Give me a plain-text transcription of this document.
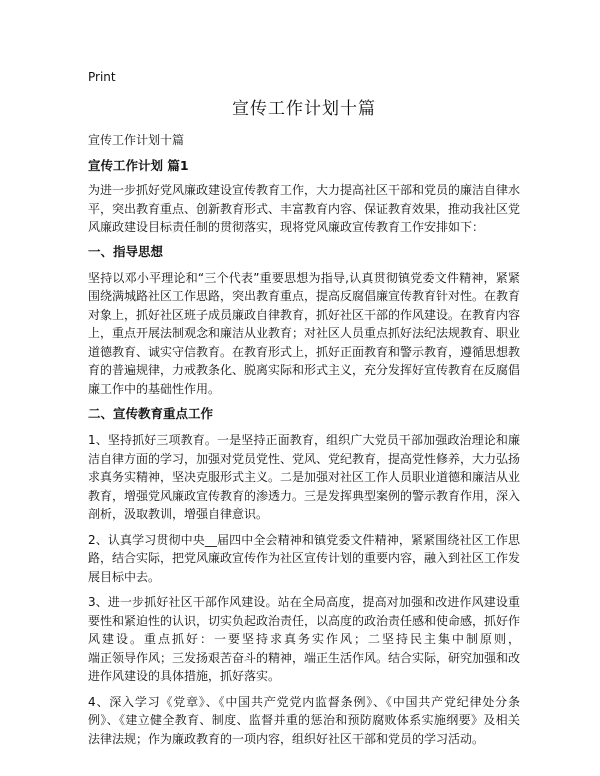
Print
宣传工作计划十篇
宣传工作计划十篇
宣传工作计划 篇1
为进一步抓好党风廉政建设宣传教育工作，大力提高社区干部和党员的廉洁自律水
平，突出教育重点、创新教育形式、丰富教育内容、保证教育效果，推动我社区党
风廉政建设目标责任制的贯彻落实，现将党风廉政宣传教育工作安排如下：
一、指导思想
坚持以邓小平理论和“三个代表”重要思想为指导,认真贯彻镇党委文件精神，紧紧
围绕满城路社区工作思路，突出教育重点，提高反腐倡廉宣传教育针对性。在教育
对象上，抓好社区班子成员廉政自律教育，抓好社区干部的作风建设。在教育内容
上，重点开展法制观念和廉洁从业教育；对社区人员重点抓好法纪法规教育、职业
道德教育、诚实守信教育。在教育形式上，抓好正面教育和警示教育，遵循思想教
育的普遍规律，力戒教条化、脱离实际和形式主义，充分发挥好宣传教育在反腐倡
廉工作中的基础性作用。
二、宣传教育重点工作
1、坚持抓好三项教育。一是坚持正面教育，组织广大党员干部加强政治理论和廉
洁自律方面的学习，加强对党员党性、党风、党纪教育，提高党性修养，大力弘扬
求真务实精神，坚决克服形式主义。二是加强对社区工作人员职业道德和廉洁从业
教育，增强党风廉政宣传教育的渗透力。三是发挥典型案例的警示教育作用，深入
剖析，汲取教训，增强自律意识。
2、认真学习贯彻中央__届四中全会精神和镇党委文件精神，紧紧围绕社区工作思
路，结合实际，把党风廉政宣传作为社区宣传计划的重要内容，融入到社区工作发
展目标中去。
3、进一步抓好社区干部作风建设。站在全局高度，提高对加强和改进作风建设重
要性和紧迫性的认识，切实负起政治责任，以高度的政治责任感和使命感，抓好作
风建设。重点抓好：一要坚持求真务实作风；二坚持民主集中制原则，
端正领导作风；三发扬艰苦奋斗的精神，端正生活作风。结合实际，研究加强和改
进作风建设的具体措施，抓好落实。
4、深入学习《党章》、《中国共产党党内监督条例》、《中国共产党纪律处分条
例》、《建立健全教育、制度、监督并重的惩治和预防腐败体系实施纲要》及相关
法律法规；作为廉政教育的一项内容，组织好社区干部和党员的学习活动。
